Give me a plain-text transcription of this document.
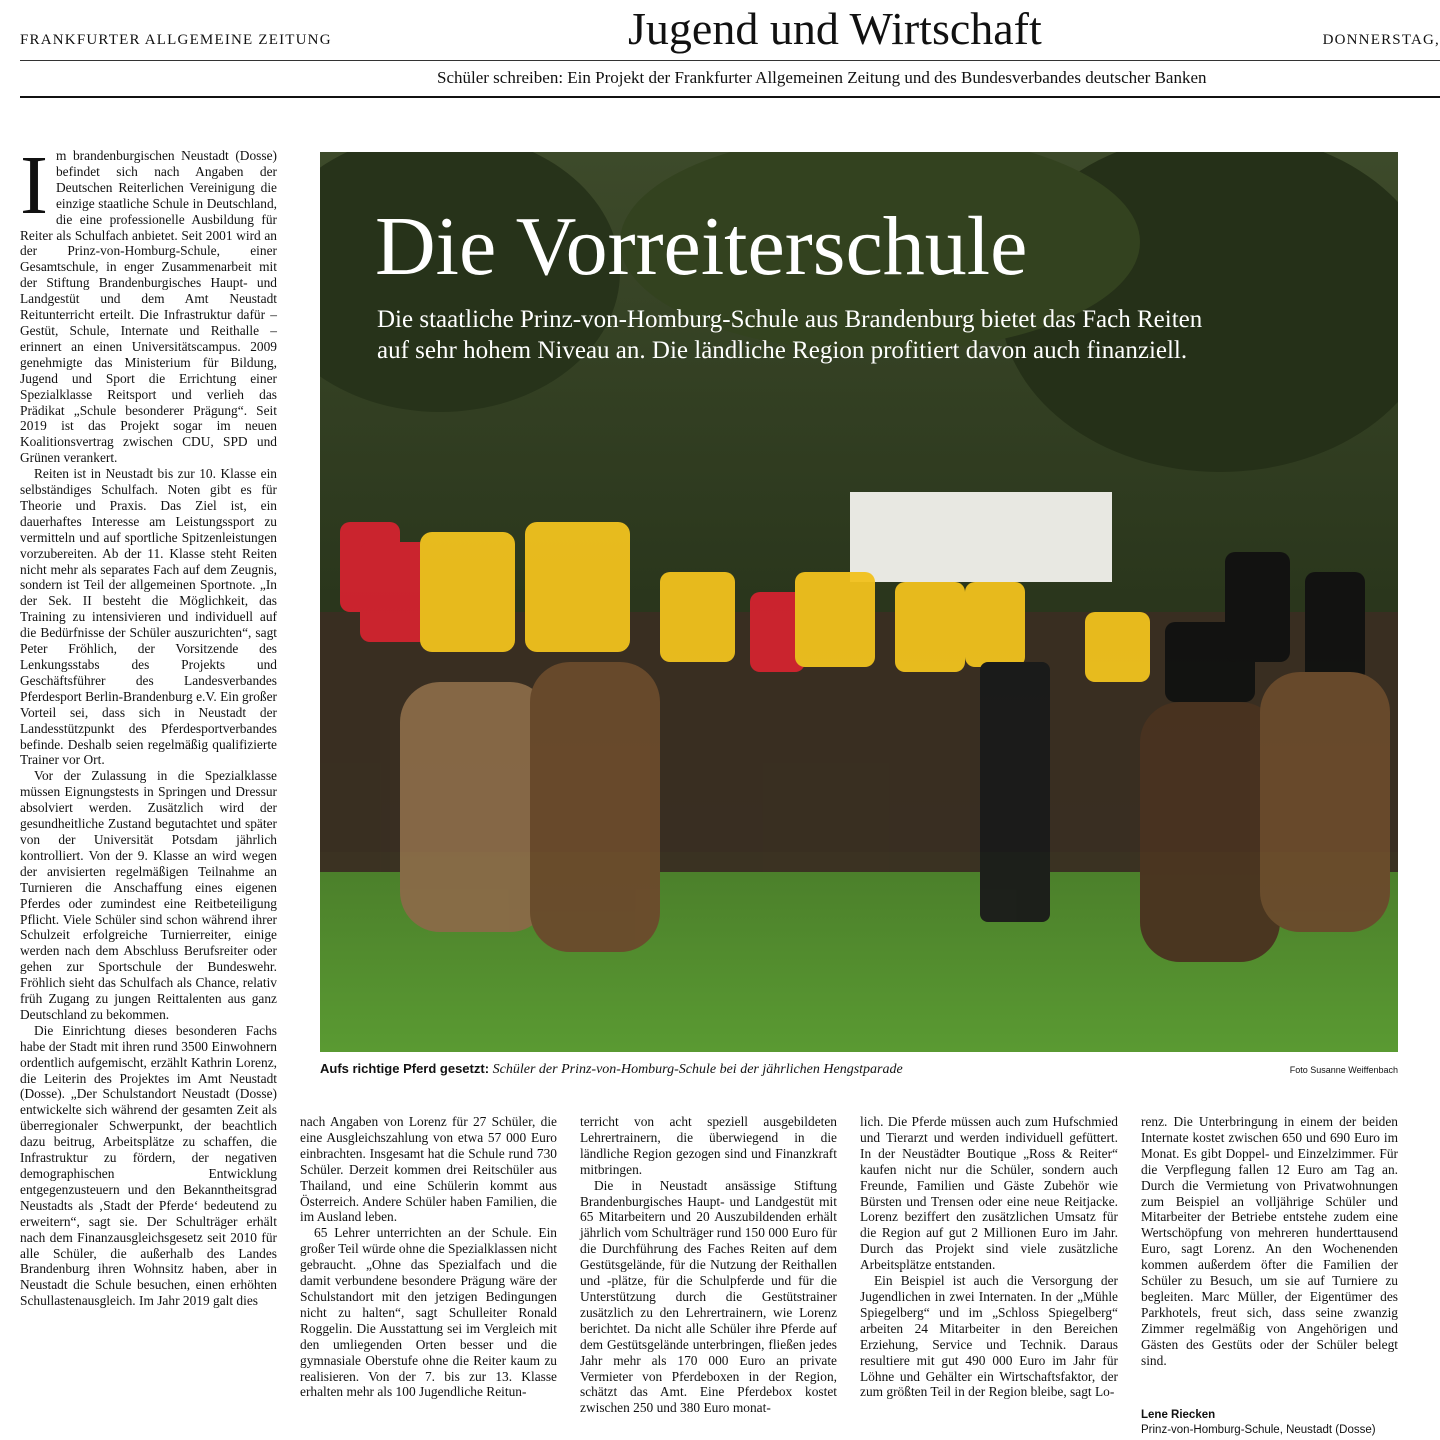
FRANKFURTER ALLGEMEINE ZEITUNG	Jugend und Wirtschaft	DONNERSTAG,
Schüler schreiben: Ein Projekt der Frankfurter Allgemeinen Zeitung und des Bundesverbandes deutscher Banken
I m brandenburgischen Neustadt (Dosse) befindet sich nach Angaben der Deutschen Reiterlichen Vereinigung die einzige staatliche Schule in Deutschland, die eine professionelle Ausbildung für Reiter als Schulfach anbietet. Seit 2001 wird an der Prinz-von-Homburg-Schule, einer Gesamtschule, in enger Zusammenarbeit mit der Stiftung Brandenburgisches Haupt- und Landgestüt und dem Amt Neustadt Reitunterricht erteilt. Die Infrastruktur dafür – Gestüt, Schule, Internate und Reithalle – erinnert an einen Universitätscampus. 2009 genehmigte das Ministerium für Bildung, Jugend und Sport die Errichtung einer Spezialklasse Reitsport und verlieh das Prädikat „Schule besonderer Prägung“. Seit 2019 ist das Projekt sogar im neuen Koalitionsvertrag zwischen CDU, SPD und Grünen verankert.

Reiten ist in Neustadt bis zur 10. Klasse ein selbständiges Schulfach. Noten gibt es für Theorie und Praxis. Das Ziel ist, ein dauerhaftes Interesse am Leistungssport zu vermitteln und auf sportliche Spitzenleistungen vorzubereiten. Ab der 11. Klasse steht Reiten nicht mehr als separates Fach auf dem Zeugnis, sondern ist Teil der allgemeinen Sportnote. „In der Sek. II besteht die Möglichkeit, das Training zu intensivieren und individuell auf die Bedürfnisse der Schüler auszurichten“, sagt Peter Fröhlich, der Vorsitzende des Lenkungsstabs des Projekts und Geschäftsführer des Landesverbandes Pferdesport Berlin-Brandenburg e.V. Ein großer Vorteil sei, dass sich in Neustadt der Landesstützpunkt des Pferdesportverbandes befinde. Deshalb seien regelmäßig qualifizierte Trainer vor Ort.

Vor der Zulassung in die Spezialklasse müssen Eignungstests in Springen und Dressur absolviert werden. Zusätzlich wird der gesundheitliche Zustand begutachtet und später von der Universität Potsdam jährlich kontrolliert. Von der 9. Klasse an wird wegen der anvisierten regelmäßigen Teilnahme an Turnieren die Anschaffung eines eigenen Pferdes oder zumindest eine Reitbeteiligung Pflicht. Viele Schüler sind schon während ihrer Schulzeit erfolgreiche Turnierreiter, einige werden nach dem Abschluss Berufsreiter oder gehen zur Sportschule der Bundeswehr. Fröhlich sieht das Schulfach als Chance, relativ früh Zugang zu jungen Reittalenten aus ganz Deutschland zu bekommen.

Die Einrichtung dieses besonderen Fachs habe der Stadt mit ihren rund 3500 Einwohnern ordentlich aufgemischt, erzählt Kathrin Lorenz, die Leiterin des Projektes im Amt Neustadt (Dosse). „Der Schulstandort Neustadt (Dosse) entwickelte sich während der gesamten Zeit als überregionaler Schwerpunkt, der beachtlich dazu beitrug, Arbeitsplätze zu schaffen, die Infrastruktur zu fördern, der negativen demographischen Entwicklung entgegenzusteuern und den Bekanntheitsgrad Neustadts als ‚Stadt der Pferde‘ bedeutend zu erweitern“, sagt sie. Der Schulträger erhält nach dem Finanzausgleichsgesetz seit 2010 für alle Schüler, die außerhalb des Landes Brandenburg ihren Wohnsitz haben, aber in Neustadt die Schule besuchen, einen erhöhten Schullastenausgleich. Im Jahr 2019 galt dies

Die Vorreiterschule
Die staatliche Prinz-von-Homburg-Schule aus Brandenburg bietet das Fach Reiten auf sehr hohem Niveau an. Die ländliche Region profitiert davon auch finanziell.
Aufs richtige Pferd gesetzt: Schüler der Prinz-von-Homburg-Schule bei der jährlichen Hengstparade	Foto Susanne Weiffenbach

nach Angaben von Lorenz für 27 Schüler, die eine Ausgleichszahlung von etwa 57 000 Euro einbrachten. Insgesamt hat die Schule rund 730 Schüler. Derzeit kommen drei Reitschüler aus Thailand, und eine Schülerin kommt aus Österreich. Andere Schüler haben Familien, die im Ausland leben.

65 Lehrer unterrichten an der Schule. Ein großer Teil würde ohne die Spezialklassen nicht gebraucht. „Ohne das Spezialfach und die damit verbundene besondere Prägung wäre der Schulstandort mit den jetzigen Bedingungen nicht zu halten“, sagt Schulleiter Ronald Roggelin. Die Ausstattung sei im Vergleich mit den umliegenden Orten besser und die gymnasiale Oberstufe ohne die Reiter kaum zu realisieren. Von der 7. bis zur 13. Klasse erhalten mehr als 100 Jugendliche Reitun-

terricht von acht speziell ausgebildeten Lehrertrainern, die überwiegend in die ländliche Region gezogen sind und Finanzkraft mitbringen.

Die in Neustadt ansässige Stiftung Brandenburgisches Haupt- und Landgestüt mit 65 Mitarbeitern und 20 Auszubildenden erhält jährlich vom Schulträger rund 150 000 Euro für die Durchführung des Faches Reiten auf dem Gestütsgelände, für die Nutzung der Reithallen und -plätze, für die Schulpferde und für die Unterstützung durch die Gestütstrainer zusätzlich zu den Lehrertrainern, wie Lorenz berichtet. Da nicht alle Schüler ihre Pferde auf dem Gestütsgelände unterbringen, fließen jedes Jahr mehr als 170 000 Euro an private Vermieter von Pferdeboxen in der Region, schätzt das Amt. Eine Pferdebox kostet zwischen 250 und 380 Euro monat-

lich. Die Pferde müssen auch zum Hufschmied und Tierarzt und werden individuell gefüttert. In der Neustädter Boutique „Ross & Reiter“ kaufen nicht nur die Schüler, sondern auch Freunde, Familien und Gäste Zubehör wie Bürsten und Trensen oder eine neue Reitjacke. Lorenz beziffert den zusätzlichen Umsatz für die Region auf gut 2 Millionen Euro im Jahr. Durch das Projekt sind viele zusätzliche Arbeitsplätze entstanden.

Ein Beispiel ist auch die Versorgung der Jugendlichen in zwei Internaten. In der „Mühle Spiegelberg“ und im „Schloss Spiegelberg“ arbeiten 24 Mitarbeiter in den Bereichen Erziehung, Service und Technik. Daraus resultiere mit gut 490 000 Euro im Jahr für Löhne und Gehälter ein Wirtschaftsfaktor, der zum größten Teil in der Region bleibe, sagt Lo-

renz. Die Unterbringung in einem der beiden Internate kostet zwischen 650 und 690 Euro im Monat. Es gibt Doppel- und Einzelzimmer. Für die Verpflegung fallen 12 Euro am Tag an. Durch die Vermietung von Privatwohnungen zum Beispiel an volljährige Schüler und Mitarbeiter der Betriebe entstehe zudem eine Wertschöpfung von mehreren hunderttausend Euro, sagt Lorenz. An den Wochenenden kommen außerdem öfter die Familien der Schüler zu Besuch, um sie auf Turniere zu begleiten. Marc Müller, der Eigentümer des Parkhotels, freut sich, dass seine zwanzig Zimmer regelmäßig von Angehörigen und Gästen des Gestüts oder der Schüler belegt sind.

Lene Riecken
Prinz-von-Homburg-Schule, Neustadt (Dosse)
